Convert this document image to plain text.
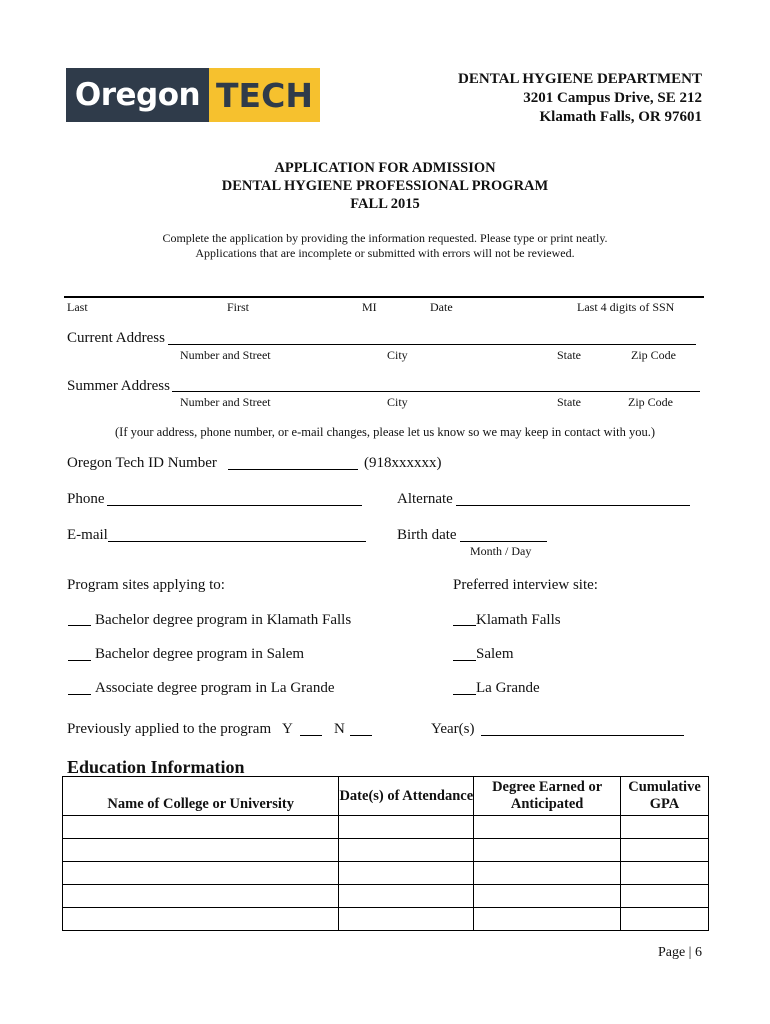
Oregon TECH	DENTAL HYGIENE DEPARTMENT
3201 Campus Drive, SE 212
Klamath Falls, OR 97601
APPLICATION FOR ADMISSION
DENTAL HYGIENE PROFESSIONAL PROGRAM
FALL 2015
Complete the application by providing the information requested. Please type or print neatly.
Applications that are incomplete or submitted with errors will not be reviewed.
Last	First	MI	Date	Last 4 digits of SSN
Current Address
Number and Street	City	State	Zip Code
Summer Address
Number and Street	City	State	Zip Code
(If your address, phone number, or e-mail changes, please let us know so we may keep in contact with you.)
Oregon Tech ID Number	(918xxxxxx)
Phone	Alternate
E-mail	Birth date
Month / Day
Program sites applying to:	Preferred interview site:
Bachelor degree program in Klamath Falls	Klamath Falls
Bachelor degree program in Salem	Salem
Associate degree program in La Grande	La Grande
Previously applied to the program Y	N	Year(s)
Education Information
Name of College or University	Date(s) of Attendance	Degree Earned or Anticipated	Cumulative GPA

Page | 6
